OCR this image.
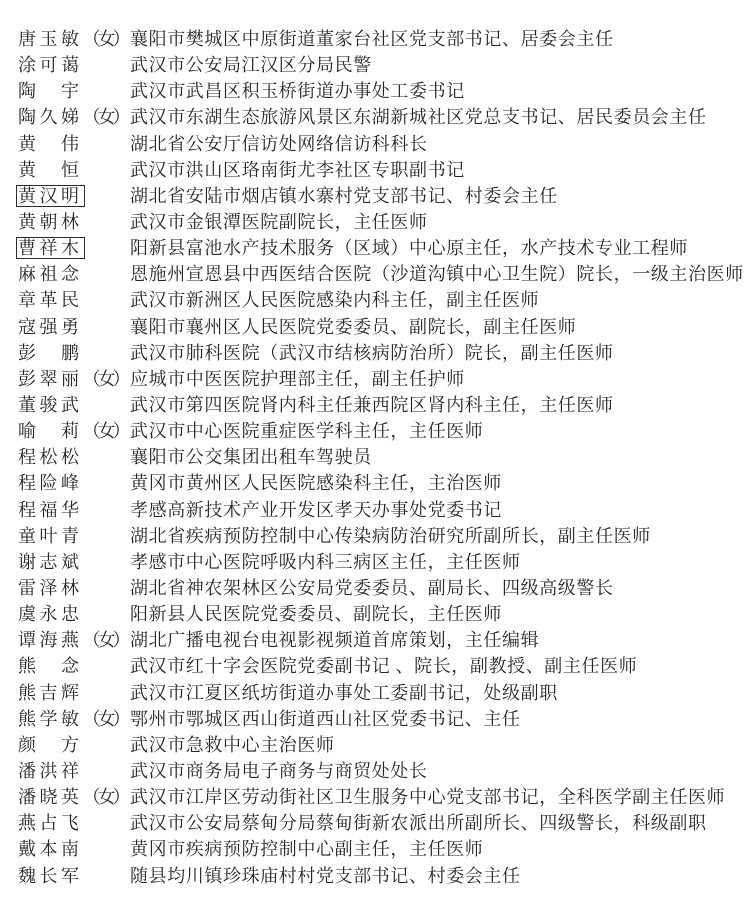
唐玉敏 （女） 襄阳市樊城区中原街道董家台社区党支部书记、居委会主任
涂可蔼	武汉市公安局江汉区分局民警
陶　宇	武汉市武昌区积玉桥街道办事处工委书记
陶久娣 （女） 武汉市东湖生态旅游风景区东湖新城社区党总支书记、居民委员会主任
黄　伟	湖北省公安厅信访处网络信访科科长
黄　恒	武汉市洪山区珞南街尤李社区专职副书记
黄汉明	湖北省安陆市烟店镇水寨村党支部书记、村委会主任
黄朝林	武汉市金银潭医院副院长，主任医师
曹祥木	阳新县富池水产技术服务（区域）中心原主任，水产技术专业工程师
麻祖念	恩施州宣恩县中西医结合医院（沙道沟镇中心卫生院）院长，一级主治医师
章革民	武汉市新洲区人民医院感染内科主任，副主任医师
寇强勇	襄阳市襄州区人民医院党委委员、副院长，副主任医师
彭　鹏	武汉市肺科医院（武汉市结核病防治所）院长，副主任医师
彭翠丽 （女） 应城市中医医院护理部主任，副主任护师
董骏武	武汉市第四医院肾内科主任兼西院区肾内科主任，主任医师
喻　莉 （女） 武汉市中心医院重症医学科主任，主任医师
程松松	襄阳市公交集团出租车驾驶员
程险峰	黄冈市黄州区人民医院感染科主任，主治医师
程福华	孝感高新技术产业开发区孝天办事处党委书记
童叶青	湖北省疾病预防控制中心传染病防治研究所副所长，副主任医师
谢志斌	孝感市中心医院呼吸内科三病区主任，主任医师
雷泽林	湖北省神农架林区公安局党委委员、副局长、四级高级警长
虞永忠	阳新县人民医院党委委员、副院长，主任医师
谭海燕 （女） 湖北广播电视台电视影视频道首席策划，主任编辑
熊　念	武汉市红十字会医院党委副书记 、院长，副教授、副主任医师
熊吉辉	武汉市江夏区纸坊街道办事处工委副书记，处级副职
熊学敏 （女） 鄂州市鄂城区西山街道西山社区党委书记、主任
颜　方	武汉市急救中心主治医师
潘洪祥	武汉市商务局电子商务与商贸处处长
潘晓英 （女） 武汉市江岸区劳动街社区卫生服务中心党支部书记，全科医学副主任医师
燕占飞	武汉市公安局蔡甸分局蔡甸街新农派出所副所长、四级警长，科级副职
戴本南	黄冈市疾病预防控制中心副主任，主任医师
魏长军	随县均川镇珍珠庙村村党支部书记、村委会主任
